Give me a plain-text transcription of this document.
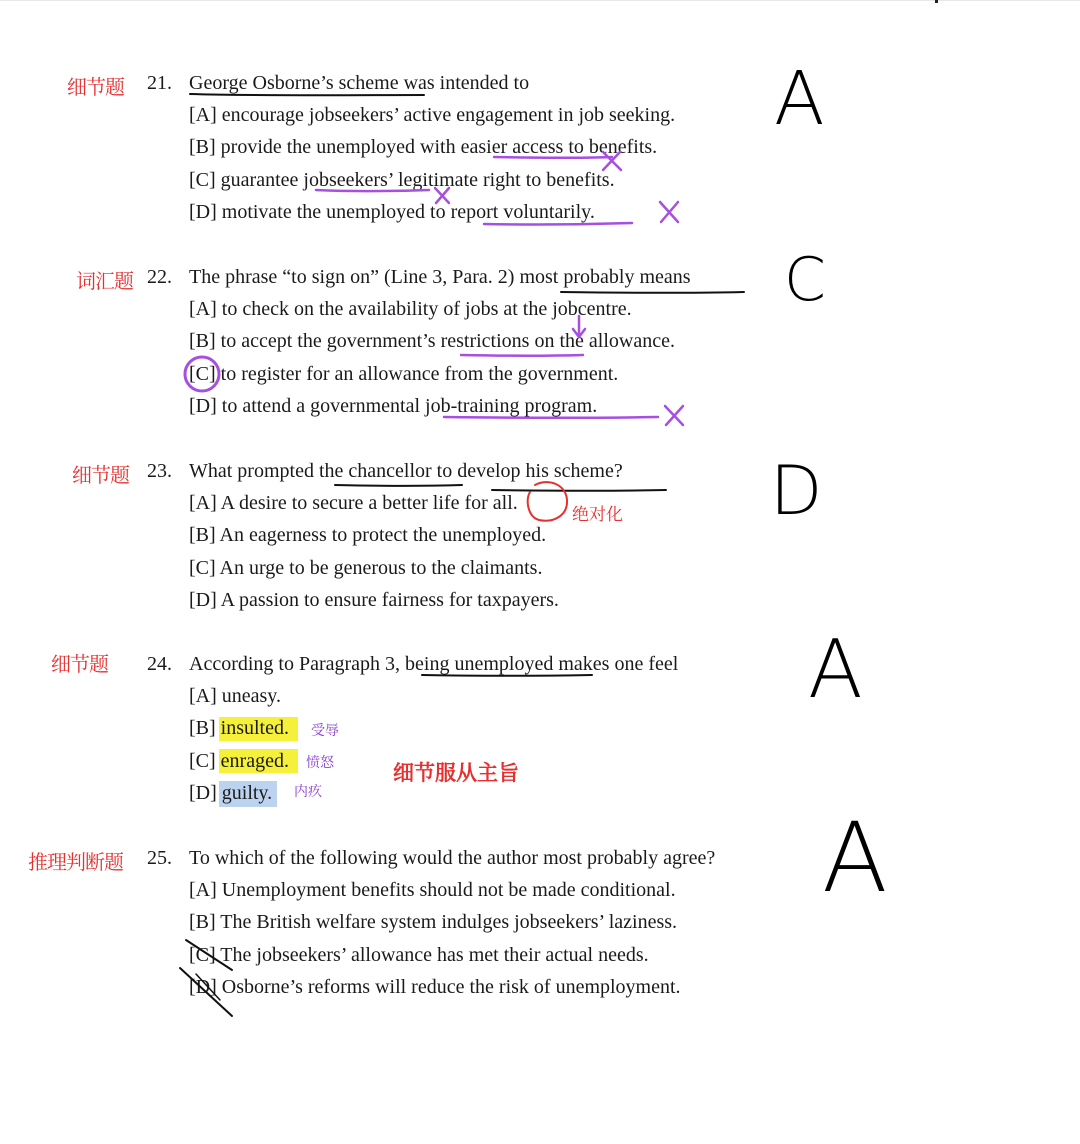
细节题 21. George Osborne’s scheme was intended to
[A] encourage jobseekers’ active engagement in job seeking.
[B] provide the unemployed with easier access to benefits.
[C] guarantee jobseekers’ legitimate right to benefits.
[D] motivate the unemployed to report voluntarily.
A
词汇题 22. The phrase “to sign on” (Line 3, Para. 2) most probably means
[A] to check on the availability of jobs at the jobcentre.
[B] to accept the government’s restrictions on the allowance.
[C] to register for an allowance from the government.
[D] to attend a governmental job-training program.
C
细节题 23. What prompted the chancellor to develop his scheme?
[A] A desire to secure a better life for all.
[B] An eagerness to protect the unemployed.
[C] An urge to be generous to the claimants.
[D] A passion to ensure fairness for taxpayers.
绝对化 D
细节题 24. According to Paragraph 3, being unemployed makes one feel
[A] uneasy.
[B] insulted.
[C] enraged.
[D] guilty.
受辱
愤怒
内疚
细节服从主旨
A
推理判断题 25. To which of the following would the author most probably agree?
[A] Unemployment benefits should not be made conditional.
[B] The British welfare system indulges jobseekers’ laziness.
[C] The jobseekers’ allowance has met their actual needs.
[D] Osborne’s reforms will reduce the risk of unemployment.
A
